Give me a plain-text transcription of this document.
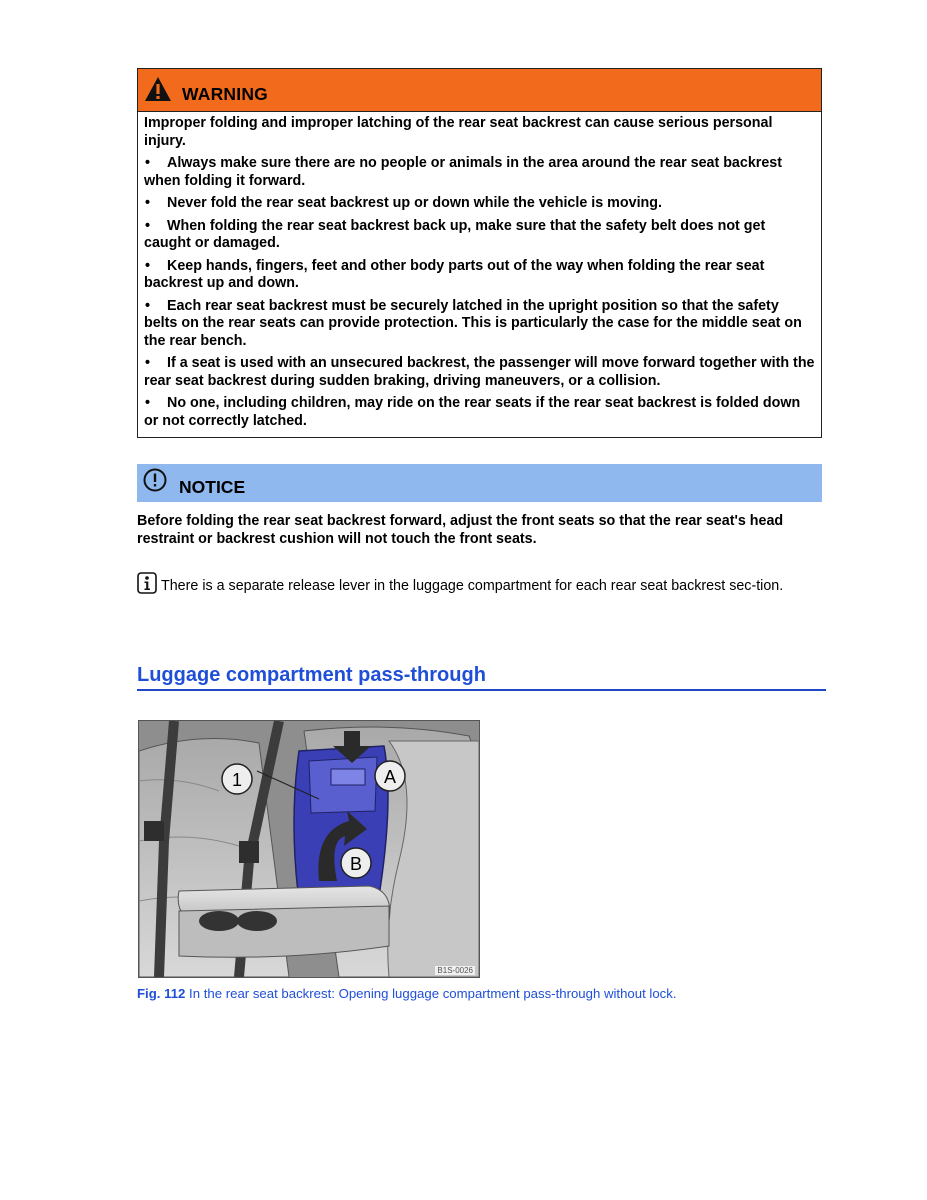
WARNING

Improper folding and improper latching of the rear seat backrest can cause serious personal injury.

• Always make sure there are no people or animals in the area around the rear seat backrest when folding it forward.

• Never fold the rear seat backrest up or down while the vehicle is moving.

• When folding the rear seat backrest back up, make sure that the safety belt does not get caught or damaged.

• Keep hands, fingers, feet and other body parts out of the way when folding the rear seat backrest up and down.

• Each rear seat backrest must be securely latched in the upright position so that the safety belts on the rear seats can provide protection. This is particularly the case for the middle seat on the rear bench.

• If a seat is used with an unsecured backrest, the passenger will move forward together with the rear seat backrest during sudden braking, driving maneuvers, or a collision.

• No one, including children, may ride on the rear seats if the rear seat backrest is folded down or not correctly latched.

NOTICE

Before folding the rear seat backrest forward, adjust the front seats so that the rear seat's head restraint or backrest cushion will not touch the front seats.

There is a separate release lever in the luggage compartment for each rear seat backrest sec-tion.

Luggage compartment pass-through
1	A
B
B1S-0026

Fig. 112 In the rear seat backrest: Opening luggage compartment pass-through without lock.
